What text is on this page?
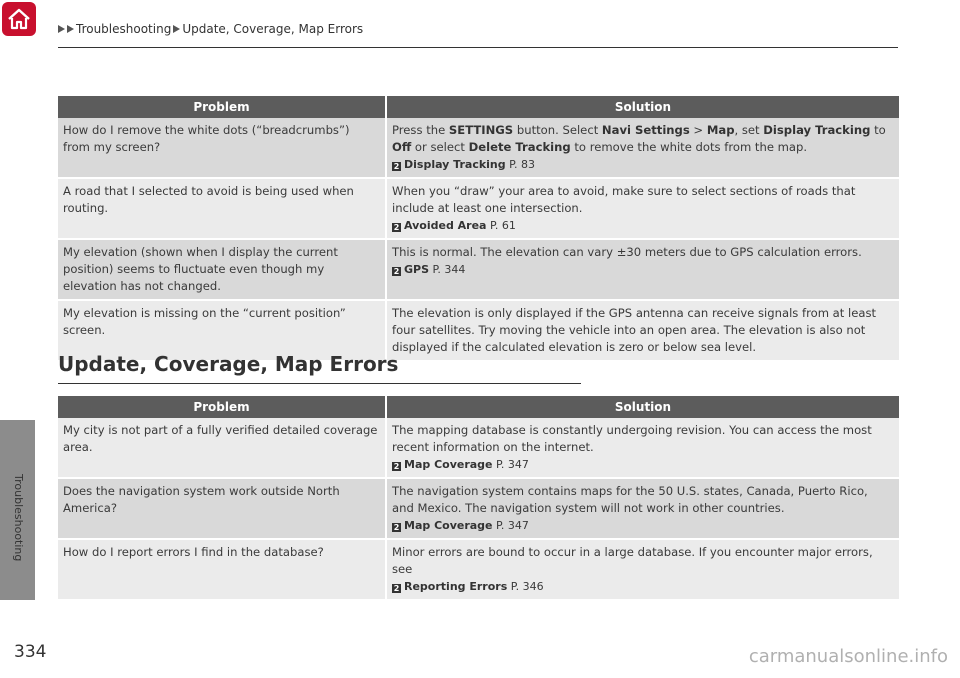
Troubleshooting Update, Coverage, Map Errors
Troubleshooting
334
Problem	Solution
How do I remove the white dots (“breadcrumbs”) from my screen?	Press the SETTINGS button. Select Navi Settings > Map, set Display Tracking to Off or select Delete Tracking to remove the white dots from the map.
2 Display Tracking P. 83

A road that I selected to avoid is being used when routing.	When you “draw” your area to avoid, make sure to select sections of roads that include at least one intersection.
2 Avoided Area P. 61

My elevation (shown when I display the current position) seems to fluctuate even though my elevation has not changed.	This is normal. The elevation can vary ±30 meters due to GPS calculation errors.
2 GPS P. 344

My elevation is missing on the “current position” screen.	The elevation is only displayed if the GPS antenna can receive signals from at least four satellites. Try moving the vehicle into an open area. The elevation is also not displayed if the calculated elevation is zero or below sea level.
Update, Coverage, Map Errors
Problem	Solution
My city is not part of a fully verified detailed coverage area.	The mapping database is constantly undergoing revision. You can access the most recent information on the internet.
2 Map Coverage P. 347

Does the navigation system work outside North America?	The navigation system contains maps for the 50 U.S. states, Canada, Puerto Rico, and Mexico. The navigation system will not work in other countries.
2 Map Coverage P. 347

How do I report errors I find in the database?	Minor errors are bound to occur in a large database. If you encounter major errors, see
2 Reporting Errors P. 346
carmanualsonline.info
